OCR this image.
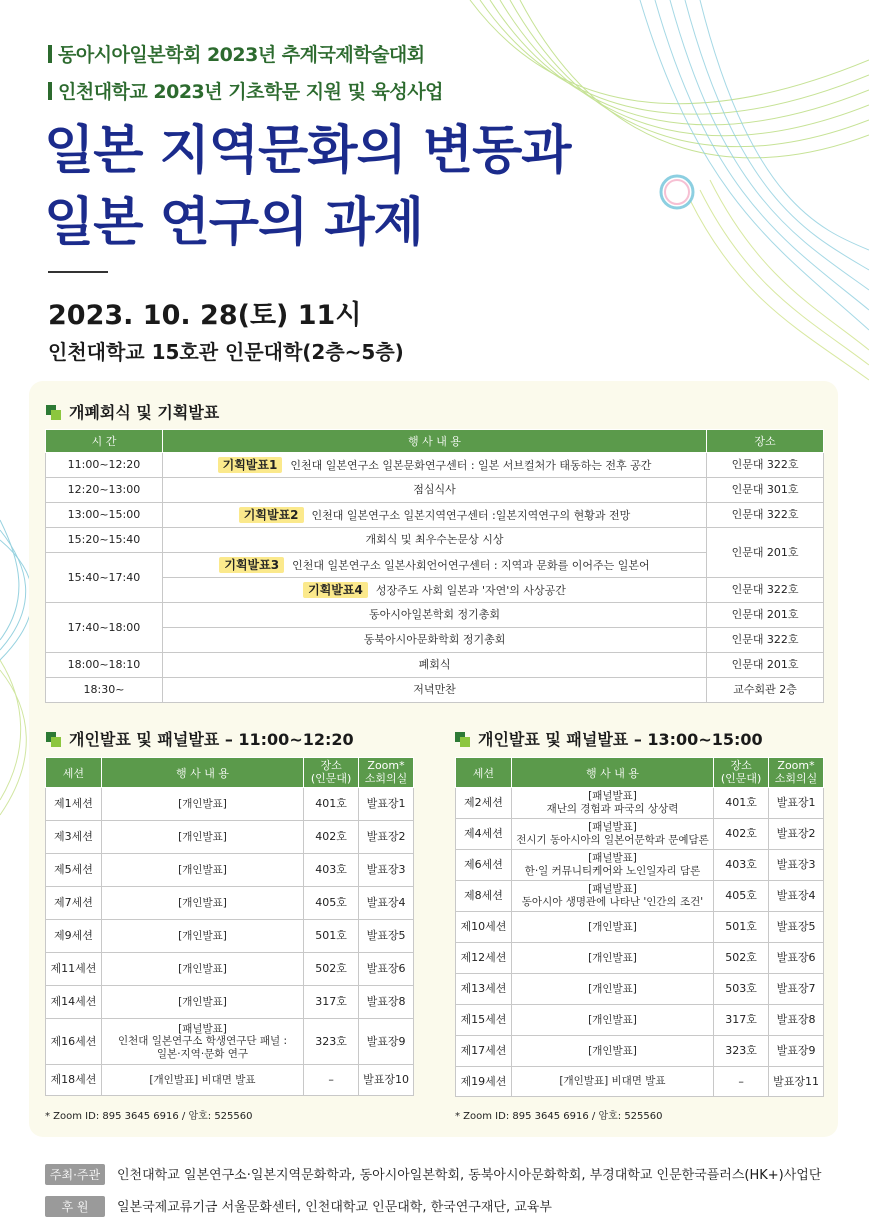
동아시아일본학회 2023년 추계국제학술대회
인천대학교 2023년 기초학문 지원 및 육성사업
일본 지역문화의 변동과
일본 연구의 과제
2023. 10. 28(토) 11시
인천대학교 15호관 인문대학(2층~5층)
개폐회식 및 기획발표
시 간	행 사 내 용	장소
11:00~12:20	기획발표1 인천대 일본연구소 일본문화연구센터 : 일본 서브컬처가 태동하는 전후 공간	인문대 322호
12:20~13:00	점심식사	인문대 301호
13:00~15:00	기획발표2 인천대 일본연구소 일본지역연구센터 :일본지역연구의 현황과 전망	인문대 322호
15:20~15:40	개회식 및 최우수논문상 시상	인문대 201호
15:40~17:40	기획발표3 인천대 일본연구소 일본사회언어연구센터 : 지역과 문화를 이어주는 일본어	
	기획발표4 성장주도 사회 일본과 '자연'의 사상공간	인문대 322호
17:40~18:00	동아시아일본학회 정기총회	인문대 201호
	동북아시아문화학회 정기총회	인문대 322호
18:00~18:10	폐회식	인문대 201호
18:30~	저녁만찬	교수회관 2층
개인발표 및 패널발표 – 11:00~12:20
세션	행 사 내 용	장소
(인문대)	Zoom*
소회의실
제1세션	[개인발표]	401호	발표장1
제3세션	[개인발표]	402호	발표장2
제5세션	[개인발표]	403호	발표장3
제7세션	[개인발표]	405호	발표장4
제9세션	[개인발표]	501호	발표장5
제11세션	[개인발표]	502호	발표장6
제14세션	[개인발표]	317호	발표장8
제16세션	[패널발표]
인천대 일본연구소 학생연구단 패널 :
일본·지역·문화 연구	323호	발표장9
제18세션	[개인발표] 비대면 발표	–	발표장10
* Zoom ID: 895 3645 6916 / 암호: 525560
개인발표 및 패널발표 – 13:00~15:00
세션	행 사 내 용	장소
(인문대)	Zoom*
소회의실
제2세션	[패널발표]
재난의 경험과 파국의 상상력	401호	발표장1
제4세션	[패널발표]
전시기 동아시아의 일본어문학과 문예담론	402호	발표장2
제6세션	[패널발표]
한·일 커뮤니티케어와 노인일자리 담론	403호	발표장3
제8세션	[패널발표]
동아시아 생명관에 나타난 '인간의 조건'	405호	발표장4
제10세션	[개인발표]	501호	발표장5
제12세션	[개인발표]	502호	발표장6
제13세션	[개인발표]	503호	발표장7
제15세션	[개인발표]	317호	발표장8
제17세션	[개인발표]	323호	발표장9
제19세션	[개인발표] 비대면 발표	–	발표장11
* Zoom ID: 895 3645 6916 / 암호: 525560
주최·주관 인천대학교 일본연구소·일본지역문화학과, 동아시아일본학회, 동북아시아문화학회, 부경대학교 인문한국플러스(HK+)사업단
후 원 일본국제교류기금 서울문화센터, 인천대학교 인문대학, 한국연구재단, 교육부
